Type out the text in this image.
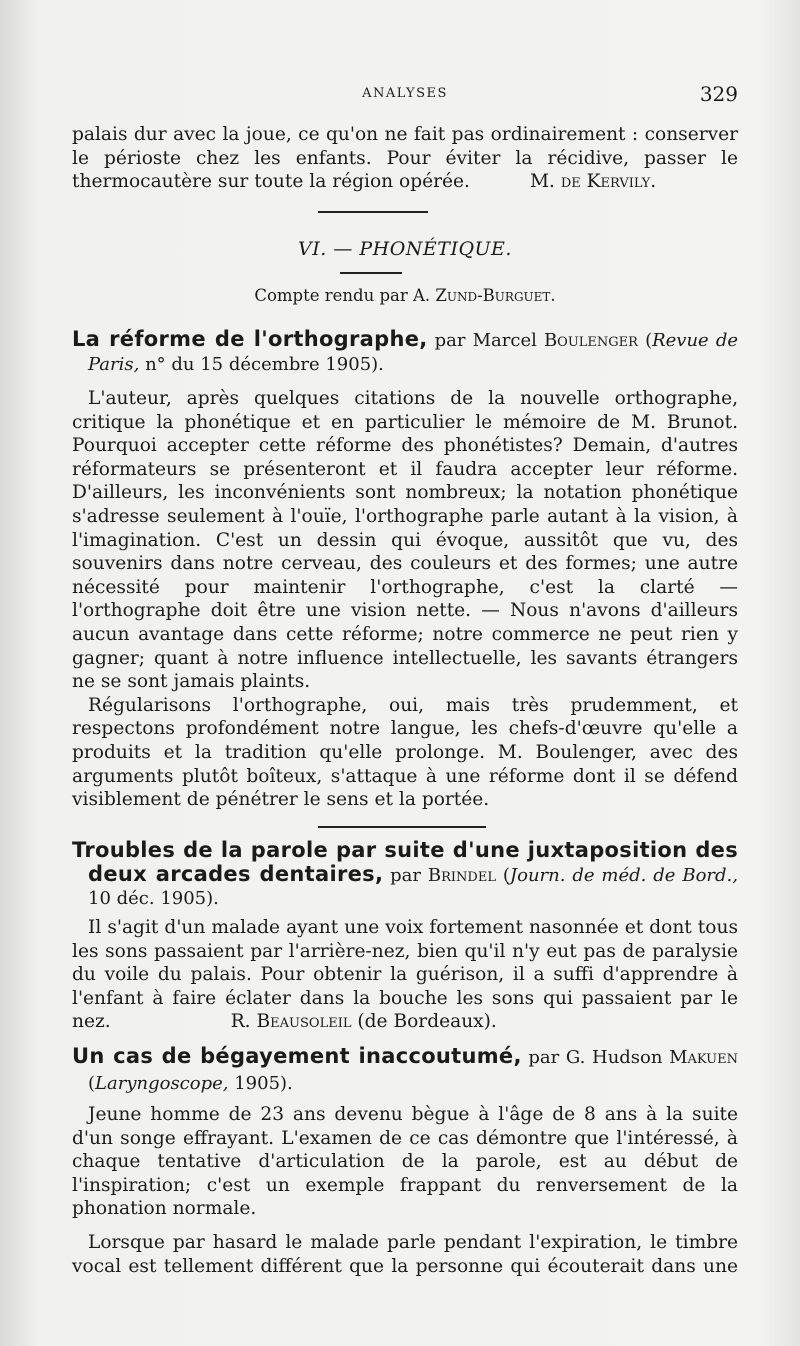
ANALYSES	329

palais dur avec la joue, ce qu'on ne fait pas ordinairement : conserver le périoste chez les enfants. Pour éviter la récidive, passer le thermocautère sur toute la région opérée.	M. de Kervily.

VI. — PHONÉTIQUE.
Compte rendu par A. Zund-Burguet.

La réforme de l'orthographe, par Marcel Boulenger (Revue de Paris, n° du 15 décembre 1905).

L'auteur, après quelques citations de la nouvelle orthographe, critique la phonétique et en particulier le mémoire de M. Brunot. Pourquoi accepter cette réforme des phonétistes? Demain, d'autres réformateurs se présenteront et il faudra accepter leur réforme. D'ailleurs, les inconvénients sont nombreux; la notation phonétique s'adresse seulement à l'ouïe, l'orthographe parle autant à la vision, à l'imagination. C'est un dessin qui évoque, aussitôt que vu, des souvenirs dans notre cerveau, des couleurs et des formes; une autre nécessité pour maintenir l'orthographe, c'est la clarté — l'orthographe doit être une vision nette. — Nous n'avons d'ailleurs aucun avantage dans cette réforme; notre commerce ne peut rien y gagner; quant à notre influence intellectuelle, les savants étrangers ne se sont jamais plaints.

Régularisons l'orthographe, oui, mais très prudemment, et respectons profondément notre langue, les chefs-d'œuvre qu'elle a produits et la tradition qu'elle prolonge. M. Boulenger, avec des arguments plutôt boîteux, s'attaque à une réforme dont il se défend visiblement de pénétrer le sens et la portée.

Troubles de la parole par suite d'une juxtaposition des deux arcades dentaires, par Brindel (Journ. de méd. de Bord., 10 déc. 1905).

Il s'agit d'un malade ayant une voix fortement nasonnée et dont tous les sons passaient par l'arrière-nez, bien qu'il n'y eut pas de paralysie du voile du palais. Pour obtenir la guérison, il a suffi d'apprendre à l'enfant à faire éclater dans la bouche les sons qui passaient par le nez.	R. Beausoleil (de Bordeaux).

Un cas de bégayement inaccoutumé, par G. Hudson Makuen (Laryngoscope, 1905).

Jeune homme de 23 ans devenu bègue à l'âge de 8 ans à la suite d'un songe effrayant. L'examen de ce cas démontre que l'intéressé, à chaque tentative d'articulation de la parole, est au début de l'inspiration; c'est un exemple frappant du renversement de la phonation normale.

Lorsque par hasard le malade parle pendant l'expiration, le timbre vocal est tellement différent que la personne qui écouterait dans une
